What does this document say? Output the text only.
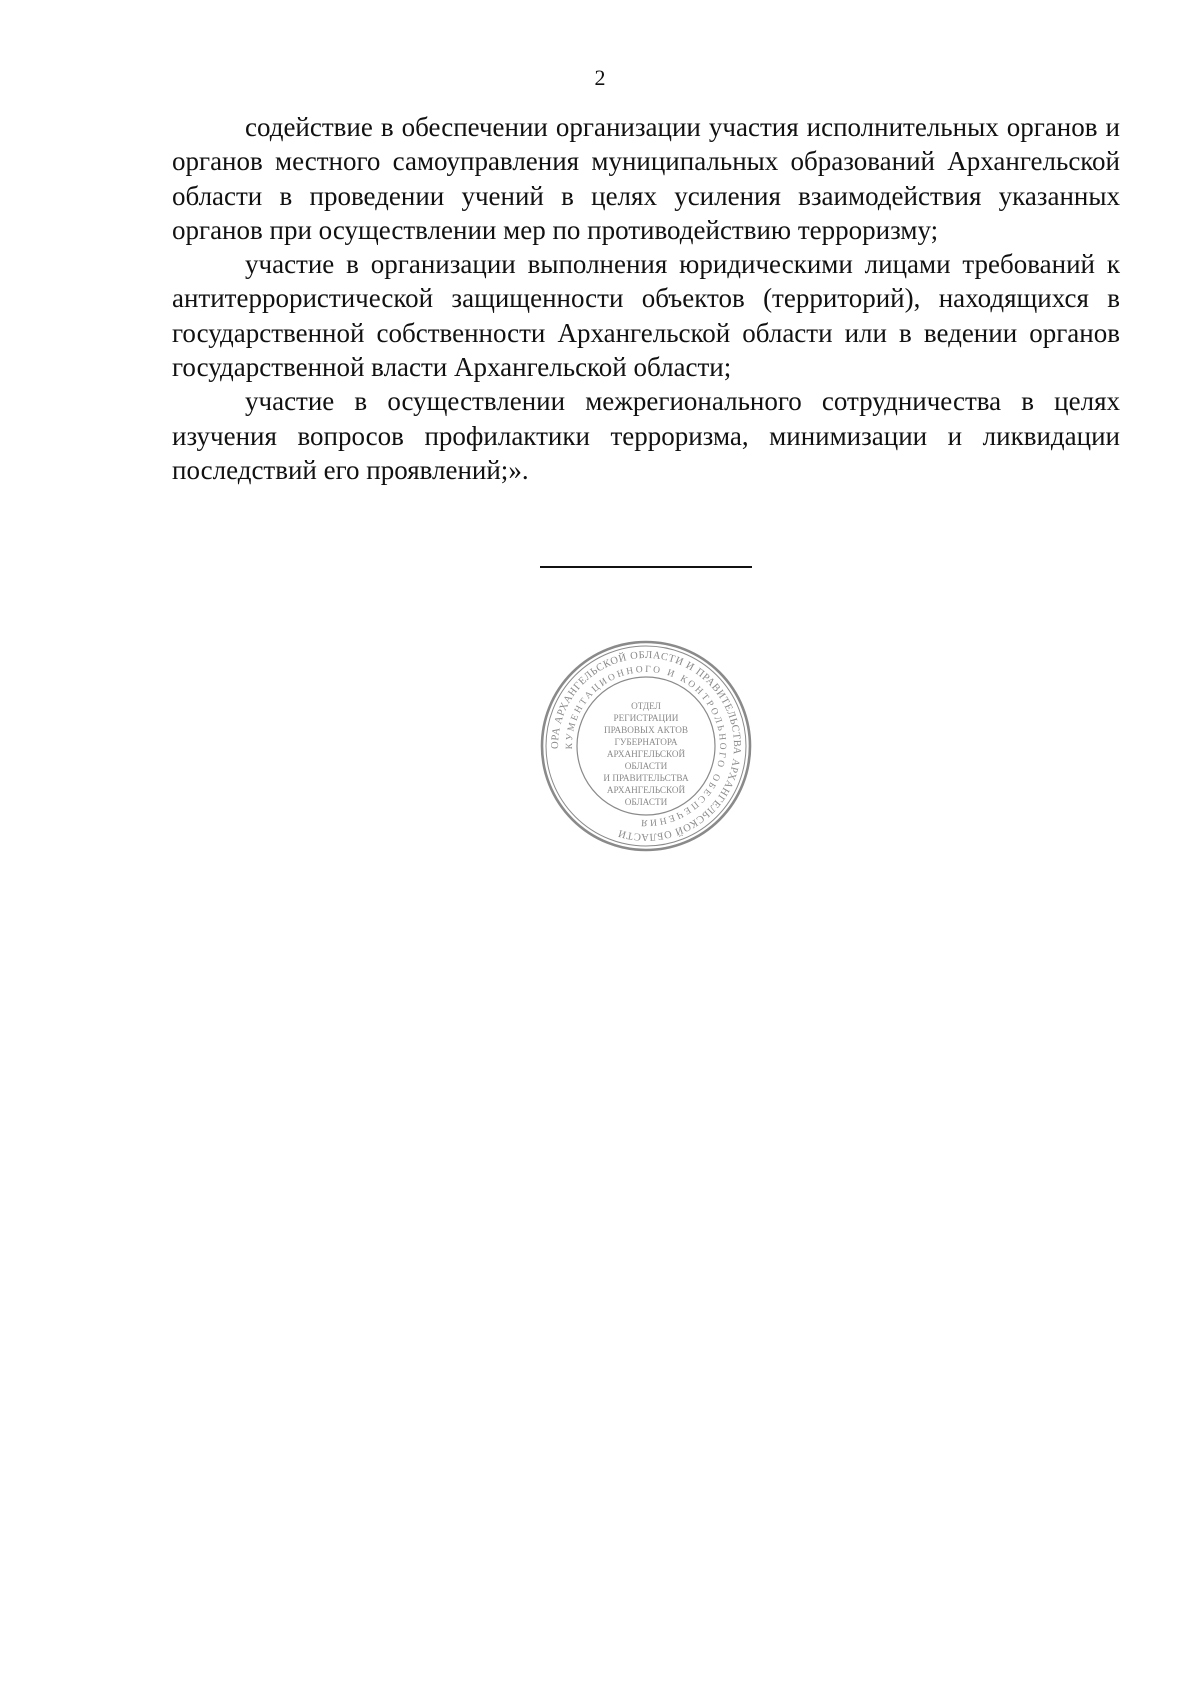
2

содействие в обеспечении организации участия исполнительных органов и органов местного самоуправления муниципальных образований Архангельской области в проведении учений в целях усиления взаимодействия указанных органов при осуществлении мер по противодействию терроризму;

участие в организации выполнения юридическими лицами требований к антитеррористической защищенности объектов (территорий), находящихся в государственной собственности Архангельской области или в ведении органов государственной власти Архангельской области;

участие в осуществлении межрегионального сотрудничества в целях изучения вопросов профилактики терроризма, минимизации и ликвидации последствий его проявлений;».

ОРА АРХАНГЕЛЬСКОЙ ОБЛАСТИ И ПРАВИТЕЛЬСТВА АРХАНГЕЛЬСКОЙ ОБЛАСТИ
КУМЕНТАЦИОННОГО И КОНТРОЛЬНОГО ОБЕСПЕЧЕНИЯ
ОТДЕЛ
РЕГИСТРАЦИИ
ПРАВОВЫХ АКТОВ
ГУБЕРНАТОРА
АРХАНГЕЛЬСКОЙ
ОБЛАСТИ
И ПРАВИТЕЛЬСТВА
АРХАНГЕЛЬСКОЙ
ОБЛАСТИ
